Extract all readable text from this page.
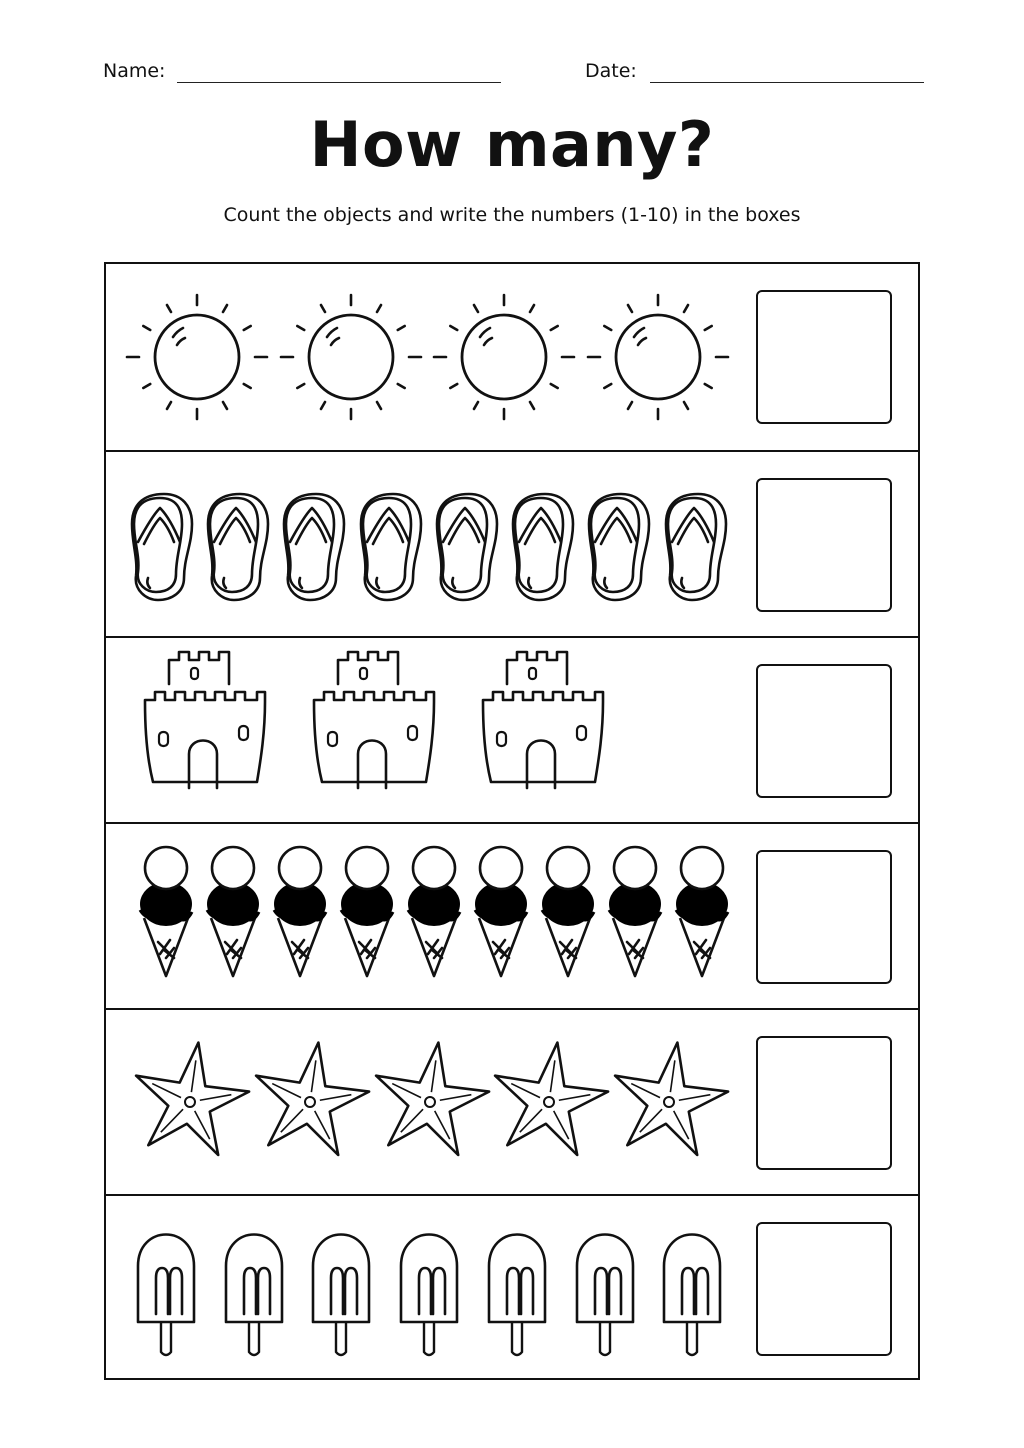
Name:	Date:
How many?
Count the objects and write the numbers (1-10) in the boxes
